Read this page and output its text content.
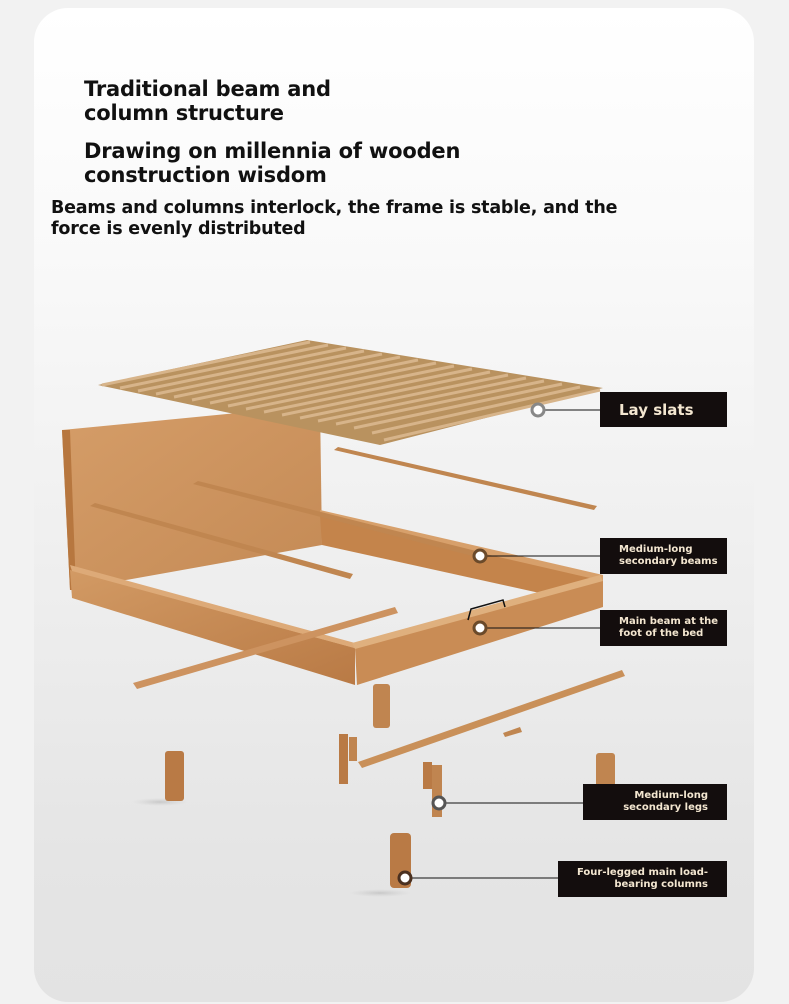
Traditional beam and
column structure
Drawing on millennia of wooden
construction wisdom
Beams and columns interlock, the frame is stable, and the
force is evenly distributed
Lay slats
Medium-long
secondary beams
Main beam at the
foot of the bed
Medium-long
secondary legs
Four-legged main load-
bearing columns
